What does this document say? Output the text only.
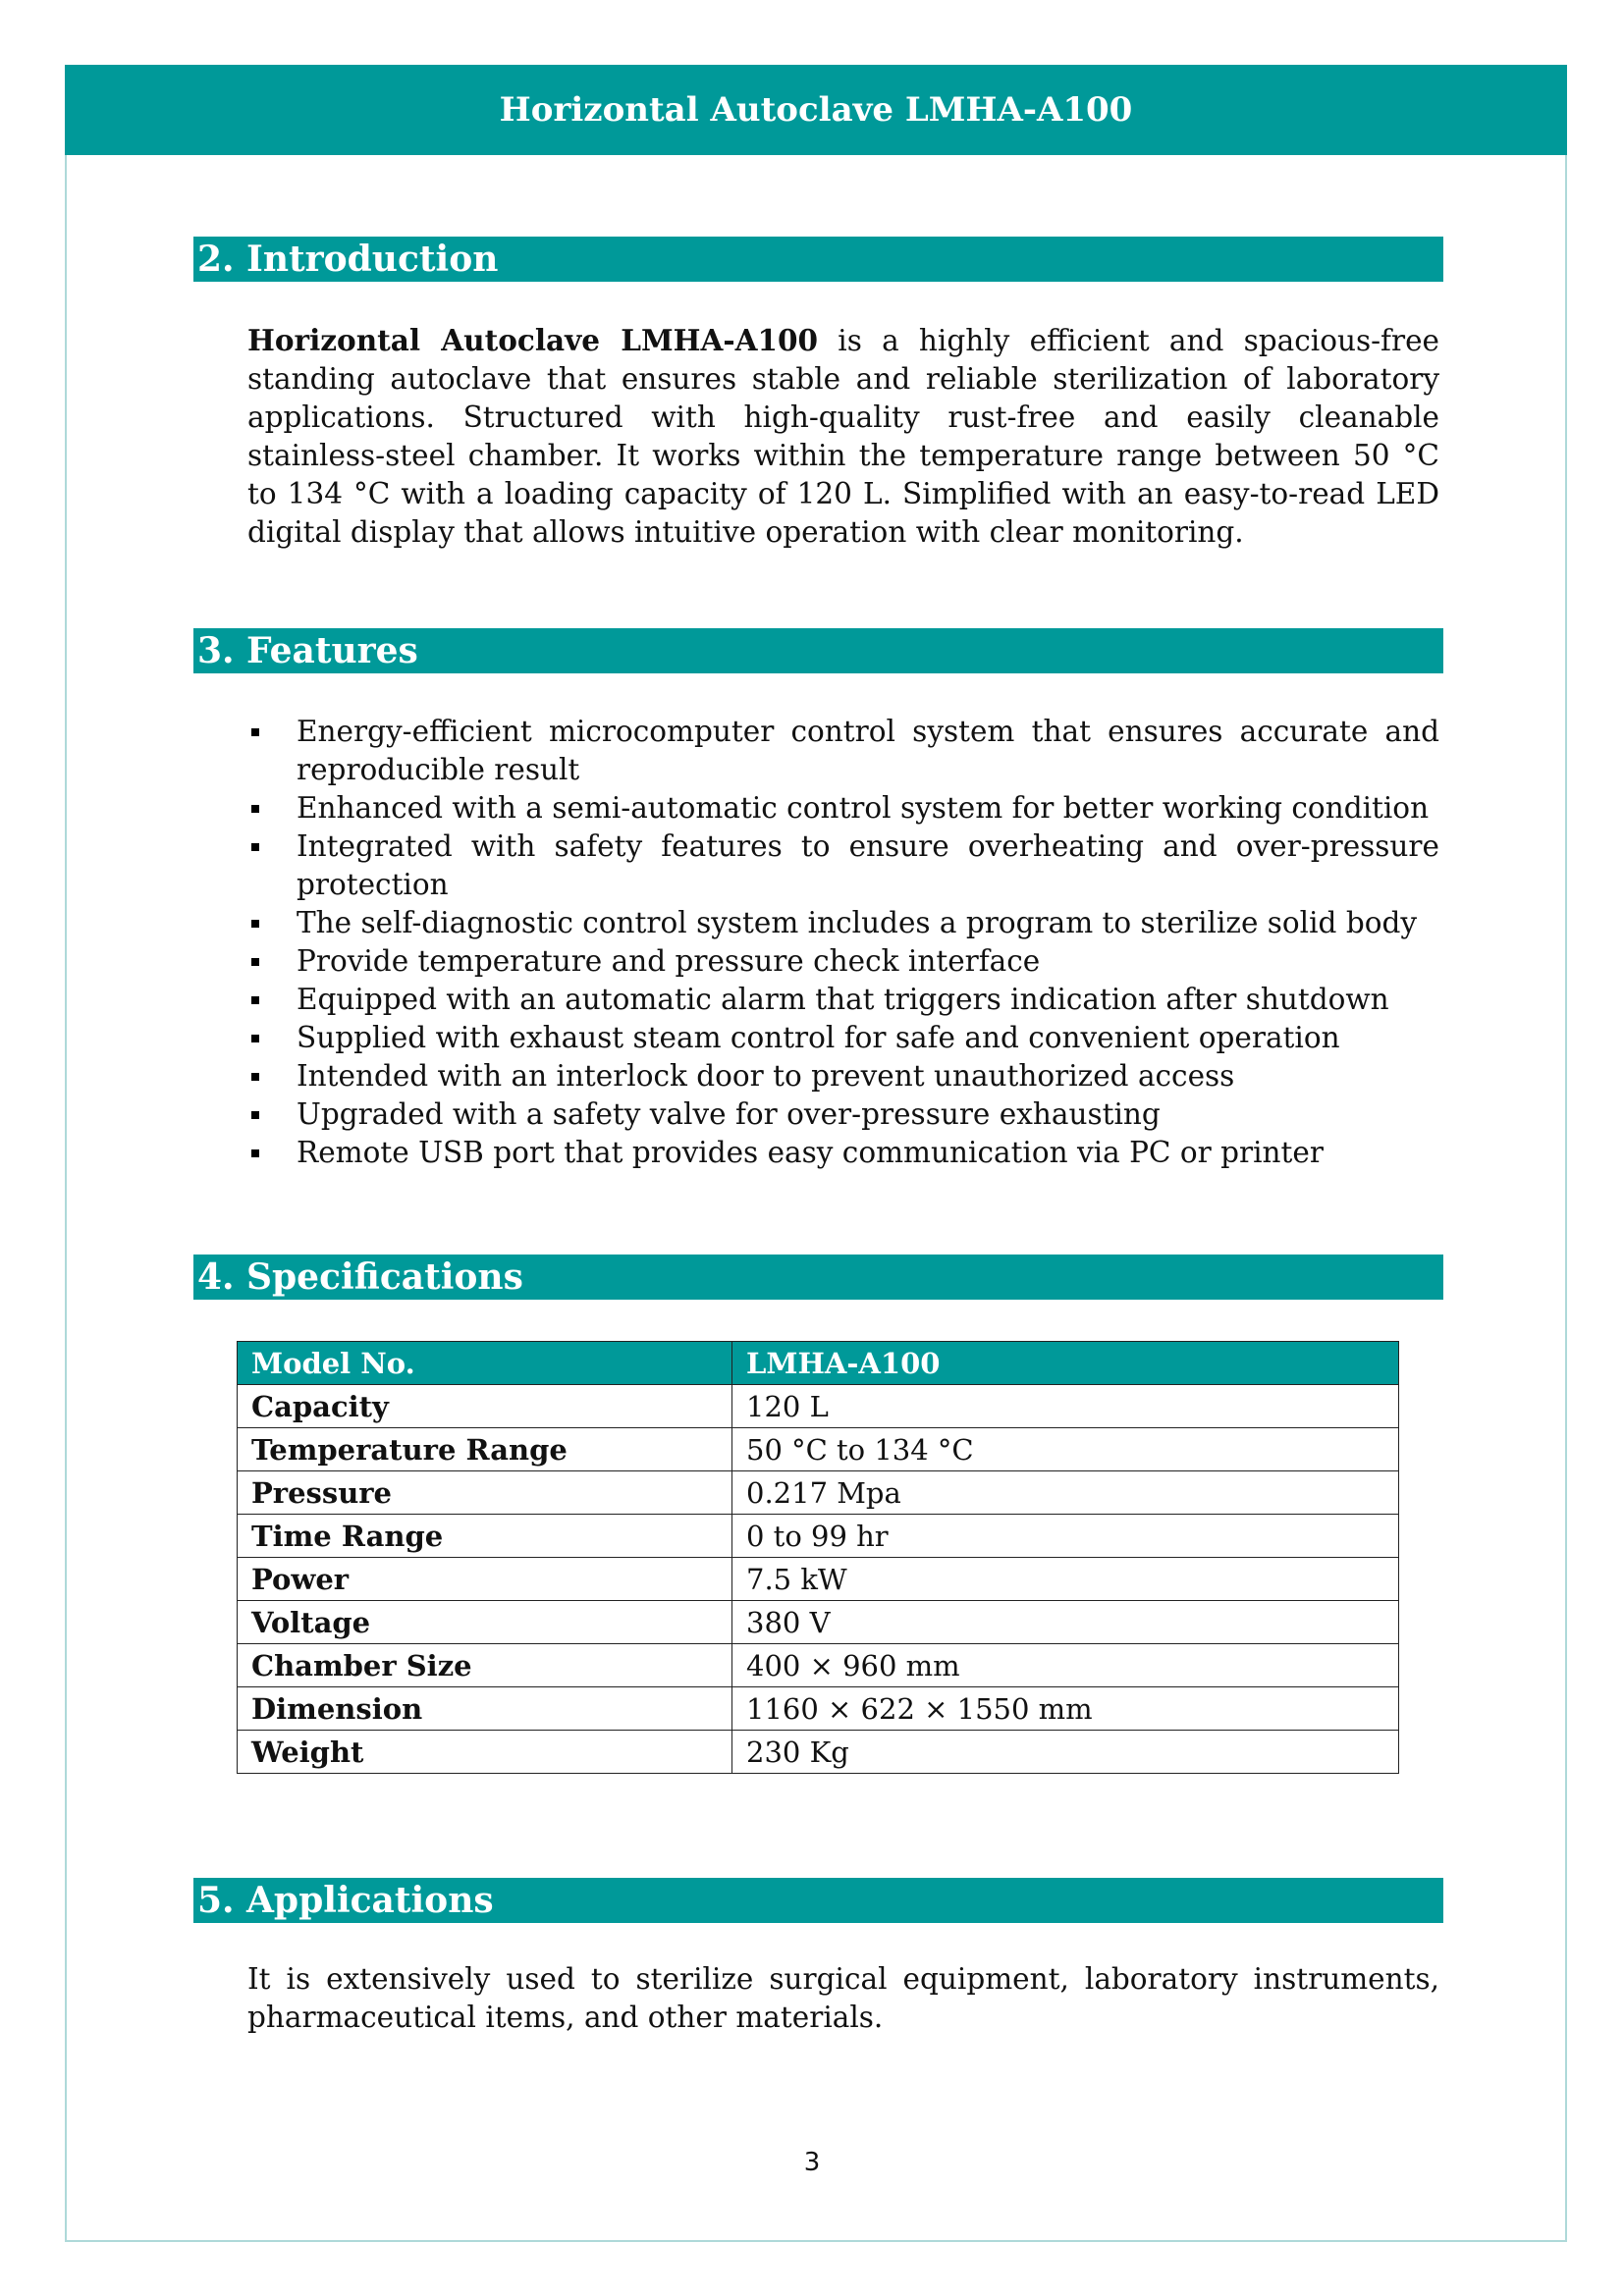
Horizontal Autoclave LMHA-A100
2. Introduction

Horizontal Autoclave LMHA-A100 is a highly efficient and spacious-free standing autoclave that ensures stable and reliable sterilization of laboratory applications. Structured with high-quality rust-free and easily cleanable stainless-steel chamber. It works within the temperature range between 50 °C to 134 °C with a loading capacity of 120 L. Simplified with an easy-to-read LED digital display that allows intuitive operation with clear monitoring.

3. Features
Energy-efficient microcomputer control system that ensures accurate and reproducible result
Enhanced with a semi-automatic control system for better working condition
Integrated with safety features to ensure overheating and over-pressure protection
The self-diagnostic control system includes a program to sterilize solid body
Provide temperature and pressure check interface
Equipped with an automatic alarm that triggers indication after shutdown
Supplied with exhaust steam control for safe and convenient operation
Intended with an interlock door to prevent unauthorized access
Upgraded with a safety valve for over-pressure exhausting
Remote USB port that provides easy communication via PC or printer
4. Specifications
Model No.	LMHA-A100
Capacity	120 L
Temperature Range	50 °C to 134 °C
Pressure	0.217 Mpa
Time Range	0 to 99 hr
Power	7.5 kW
Voltage	380 V
Chamber Size	400 × 960 mm
Dimension	1160 × 622 × 1550 mm
Weight	230 Kg
5. Applications

It is extensively used to sterilize surgical equipment, laboratory instruments, pharmaceutical items, and other materials.

3
